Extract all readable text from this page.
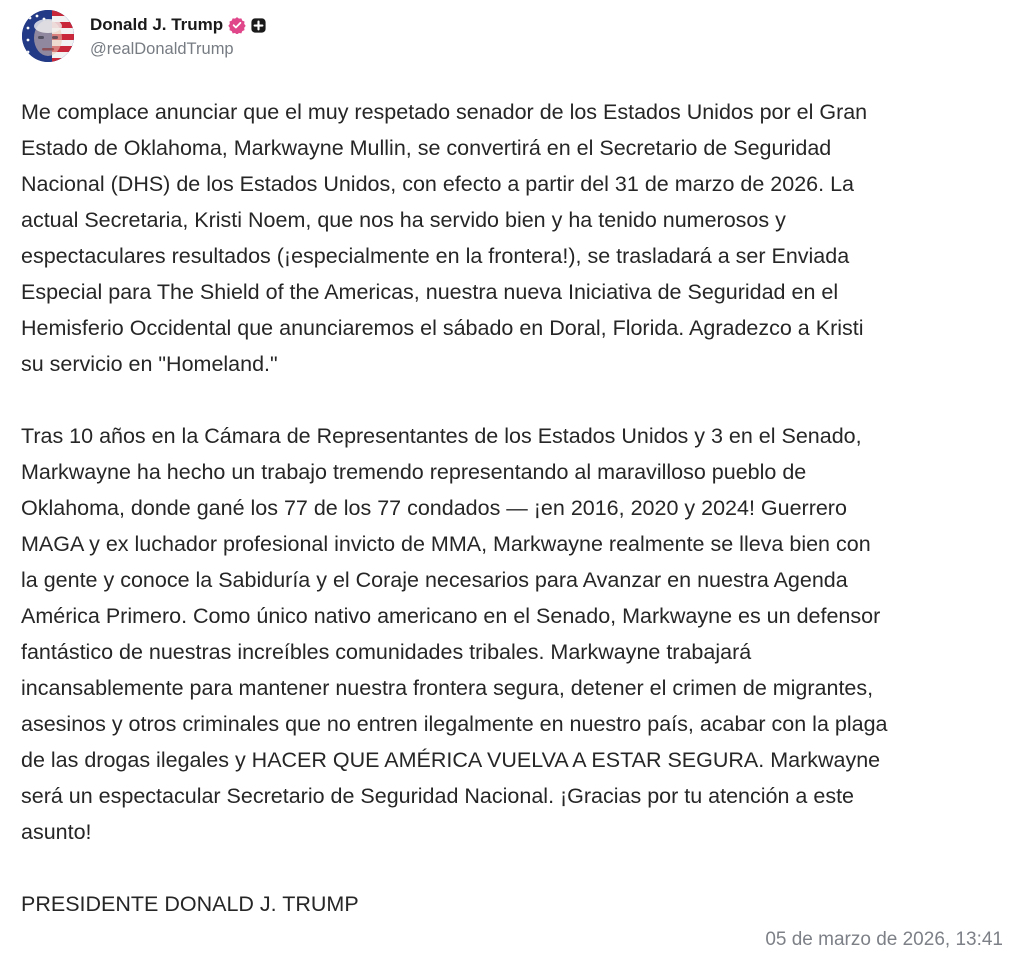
Donald J. Trump
@realDonaldTrump

Me complace anunciar que el muy respetado senador de los Estados Unidos por el Gran
Estado de Oklahoma, Markwayne Mullin, se convertirá en el Secretario de Seguridad
Nacional (DHS) de los Estados Unidos, con efecto a partir del 31 de marzo de 2026. La
actual Secretaria, Kristi Noem, que nos ha servido bien y ha tenido numerosos y
espectaculares resultados (¡especialmente en la frontera!), se trasladará a ser Enviada
Especial para The Shield of the Americas, nuestra nueva Iniciativa de Seguridad en el
Hemisferio Occidental que anunciaremos el sábado en Doral, Florida. Agradezco a Kristi
su servicio en "Homeland."

Tras 10 años en la Cámara de Representantes de los Estados Unidos y 3 en el Senado,
Markwayne ha hecho un trabajo tremendo representando al maravilloso pueblo de
Oklahoma, donde gané los 77 de los 77 condados — ¡en 2016, 2020 y 2024! Guerrero
MAGA y ex luchador profesional invicto de MMA, Markwayne realmente se lleva bien con
la gente y conoce la Sabiduría y el Coraje necesarios para Avanzar en nuestra Agenda
América Primero. Como único nativo americano en el Senado, Markwayne es un defensor
fantástico de nuestras increíbles comunidades tribales. Markwayne trabajará
incansablemente para mantener nuestra frontera segura, detener el crimen de migrantes,
asesinos y otros criminales que no entren ilegalmente en nuestro país, acabar con la plaga
de las drogas ilegales y HACER QUE AMÉRICA VUELVA A ESTAR SEGURA. Markwayne
será un espectacular Secretario de Seguridad Nacional. ¡Gracias por tu atención a este
asunto!

PRESIDENTE DONALD J. TRUMP

05 de marzo de 2026, 13:41
